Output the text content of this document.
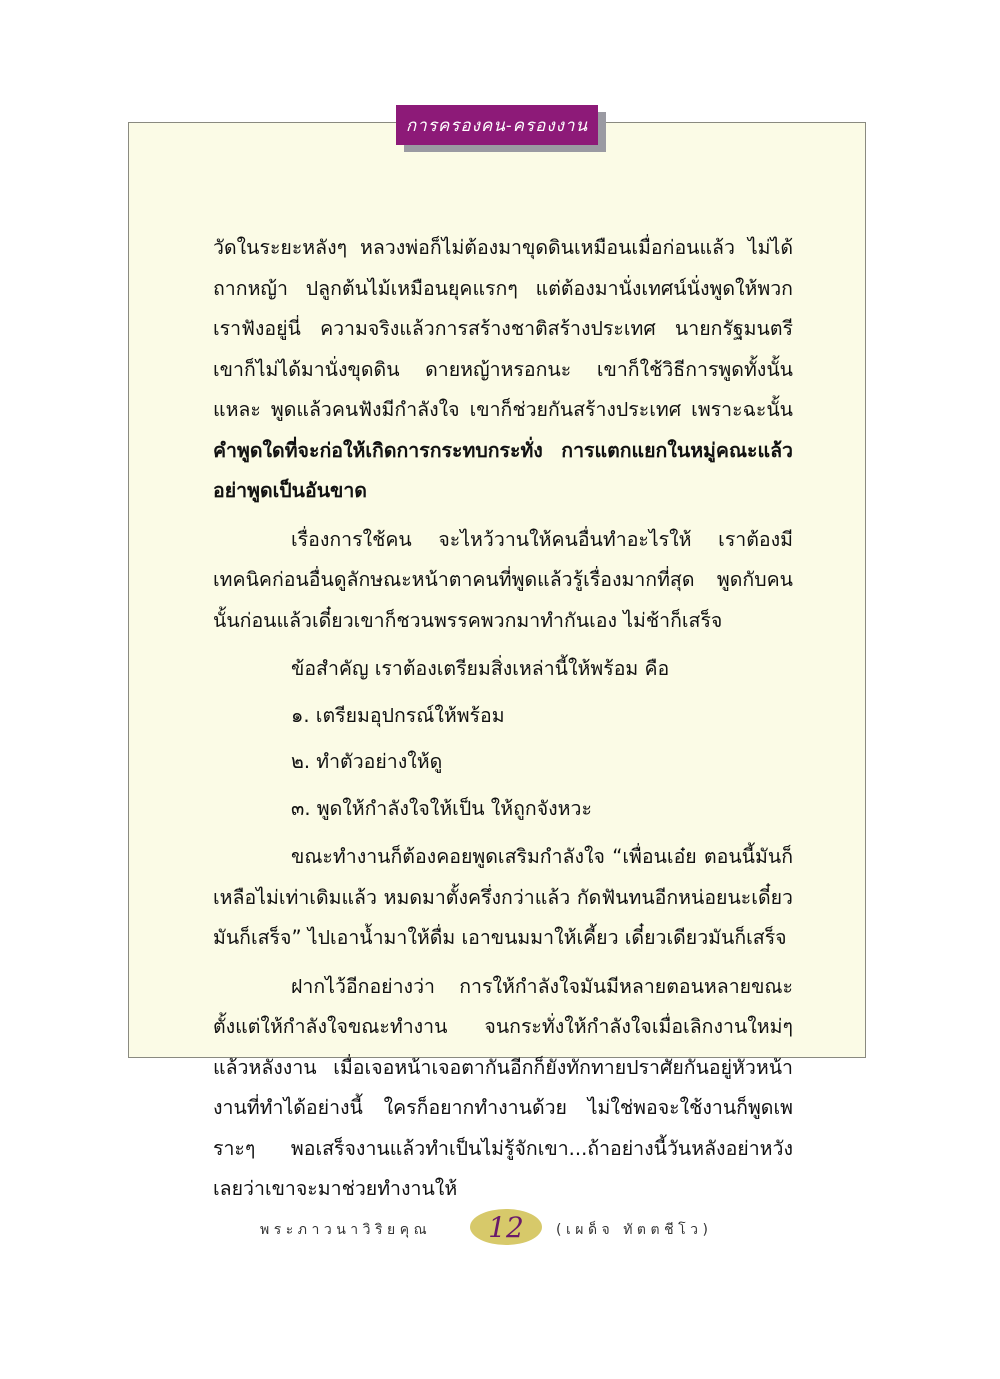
การครองคน-ครองงาน

วัดในระยะหลังๆ หลวงพ่อก็ไม่ต้องมาขุดดินเหมือนเมื่อก่อนแล้ว ไม่ได้ถากหญ้า ปลูกต้นไม้เหมือนยุคแรกๆ แต่ต้องมานั่งเทศน์นั่งพูดให้พวกเราฟังอยู่นี่ ความจริงแล้วการสร้างชาติสร้างประเทศ นายกรัฐมนตรีเขาก็ไม่ได้มานั่งขุดดิน ดายหญ้าหรอกนะ เขาก็ใช้วิธีการพูดทั้งนั้นแหละ พูดแล้วคนฟังมีกำลังใจ เขาก็ช่วยกันสร้างประเทศ เพราะฉะนั้นคำพูดใดที่จะก่อให้เกิดการกระทบกระทั่ง การแตกแยกในหมู่คณะแล้ว อย่าพูดเป็นอันขาด

เรื่องการใช้คน จะไหว้วานให้คนอื่นทำอะไรให้ เราต้องมีเทคนิคก่อนอื่นดูลักษณะหน้าตาคนที่พูดแล้วรู้เรื่องมากที่สุด พูดกับคนนั้นก่อนแล้วเดี๋ยวเขาก็ชวนพรรคพวกมาทำกันเอง ไม่ช้าก็เสร็จ

ข้อสำคัญ เราต้องเตรียมสิ่งเหล่านี้ให้พร้อม คือ

๑. เตรียมอุปกรณ์ให้พร้อม

๒. ทำตัวอย่างให้ดู

๓. พูดให้กำลังใจให้เป็น ให้ถูกจังหวะ

ขณะทำงานก็ต้องคอยพูดเสริมกำลังใจ “เพื่อนเอ๋ย ตอนนี้มันก็เหลือไม่เท่าเดิมแล้ว หมดมาตั้งครึ่งกว่าแล้ว กัดฟันทนอีกหน่อยนะเดี๋ยวมันก็เสร็จ” ไปเอาน้ำมาให้ดื่ม เอาขนมมาให้เคี้ยว เดี๋ยวเดียวมันก็เสร็จ

ฝากไว้อีกอย่างว่า การให้กำลังใจมันมีหลายตอนหลายขณะตั้งแต่ให้กำลังใจขณะทำงาน จนกระทั่งให้กำลังใจเมื่อเลิกงานใหม่ๆแล้วหลังงาน เมื่อเจอหน้าเจอตากันอีกก็ยังทักทายปราศัยกันอยู่หัวหน้างานที่ทำได้อย่างนี้ ใครก็อยากทำงานด้วย ไม่ใช่พอจะใช้งานก็พูดเพราะๆ พอเสร็จงานแล้วทำเป็นไม่รู้จักเขา...ถ้าอย่างนี้วันหลังอย่าหวังเลยว่าเขาจะมาช่วยทำงานให้

พระภาวนาวิริยคุณ	12	(เผด็จ ทัตตชีโว)
